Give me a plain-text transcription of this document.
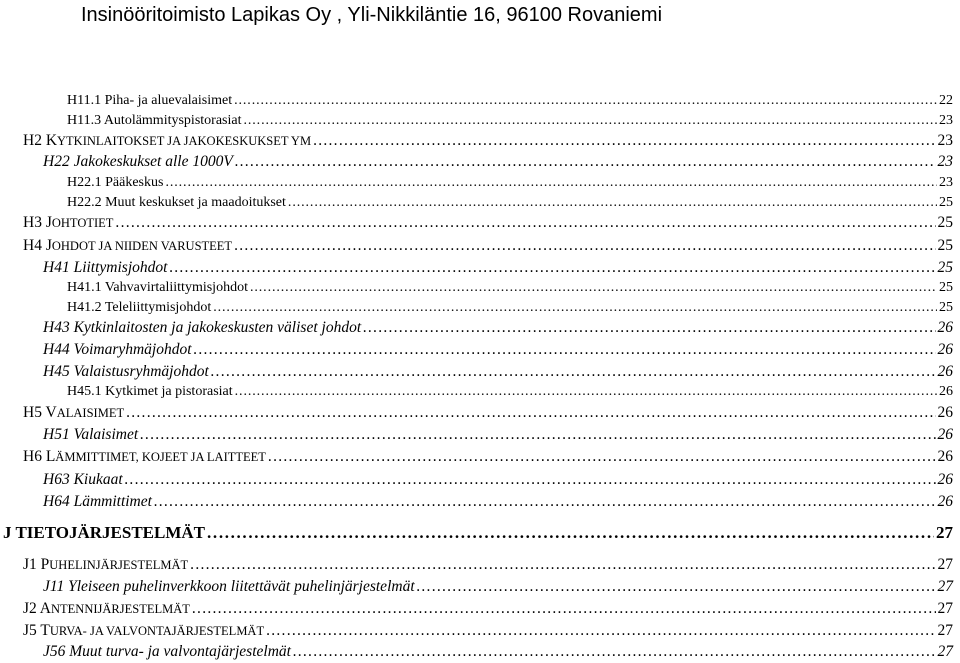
Insinööritoimisto Lapikas Oy , Yli-Nikkiläntie 16, 96100 Rovaniemi
H11.1 Piha- ja aluevalaisimet . . .	22
H11.3 Autolämmityspistorasiat . . .	23
H2 KYTKINLAITOKSET JA JAKOKESKUKSET YM . . .	23
H22 Jakokeskukset alle 1000V . . .	23
H22.1 Pääkeskus . . .	23
H22.2 Muut keskukset ja maadoitukset . . .	25
H3 JOHTOTIET . . .	25
H4 JOHDOT JA NIIDEN VARUSTEET . . .	25
H41 Liittymisjohdot . . .	25
H41.1 Vahvavirtaliittymisjohdot . . .	25
H41.2 Teleliittymisjohdot . . .	25
H43 Kytkinlaitosten ja jakokeskusten väliset johdot . . .	26
H44 Voimaryhmäjohdot . . .	26
H45 Valaistusryhmäjohdot . . .	26
H45.1 Kytkimet ja pistorasiat . . .	26
H5 VALAISIMET . . .	26
H51 Valaisimet . . .	26
H6 LÄMMITTIMET, KOJEET JA LAITTEET . . .	26
H63 Kiukaat . . .	26
H64 Lämmittimet . . .	26
J TIETOJÄRJESTELMÄT . . .	27
J1 PUHELINJÄRJESTELMÄT . . .	27
J11 Yleiseen puhelinverkkoon liitettävät puhelinjärjestelmät . . .	27
J2 ANTENNIJÄRJESTELMÄT . . .	27
J5 TURVA- JA VALVONTAJÄRJESTELMÄT . . .	27
J56 Muut turva- ja valvontajärjestelmät . . .	27
